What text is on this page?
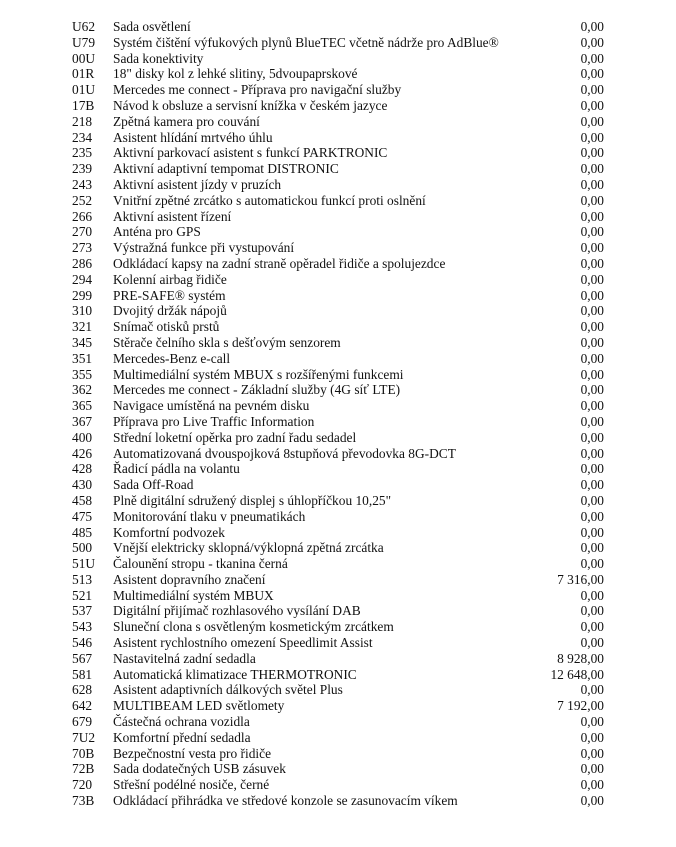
U62 Sada osvětlení	0,00
U79 Systém čištění výfukových plynů BlueTEC včetně nádrže pro AdBlue®	0,00
00U Sada konektivity	0,00
01R 18" disky kol z lehké slitiny, 5dvoupaprskové	0,00
01U Mercedes me connect - Příprava pro navigační služby	0,00
17B Návod k obsluze a servisní knížka v českém jazyce	0,00
218 Zpětná kamera pro couvání	0,00
234 Asistent hlídání mrtvého úhlu	0,00
235 Aktivní parkovací asistent s funkcí PARKTRONIC	0,00
239 Aktivní adaptivní tempomat DISTRONIC	0,00
243 Aktivní asistent jízdy v pruzích	0,00
252 Vnitřní zpětné zrcátko s automatickou funkcí proti oslnění	0,00
266 Aktivní asistent řízení	0,00
270 Anténa pro GPS	0,00
273 Výstražná funkce při vystupování	0,00
286 Odkládací kapsy na zadní straně opěradel řidiče a spolujezdce	0,00
294 Kolenní airbag řidiče	0,00
299 PRE-SAFE® systém	0,00
310 Dvojitý držák nápojů	0,00
321 Snímač otisků prstů	0,00
345 Stěrače čelního skla s dešťovým senzorem	0,00
351 Mercedes-Benz e-call	0,00
355 Multimediální systém MBUX s rozšířenými funkcemi	0,00
362 Mercedes me connect - Základní služby (4G síť LTE)	0,00
365 Navigace umístěná na pevném disku	0,00
367 Příprava pro Live Traffic Information	0,00
400 Střední loketní opěrka pro zadní řadu sedadel	0,00
426 Automatizovaná dvouspojková 8stupňová převodovka 8G-DCT	0,00
428 Řadicí pádla na volantu	0,00
430 Sada Off-Road	0,00
458 Plně digitální sdružený displej s úhlopříčkou 10,25"	0,00
475 Monitorování tlaku v pneumatikách	0,00
485 Komfortní podvozek	0,00
500 Vnější elektricky sklopná/výklopná zpětná zrcátka	0,00
51U Čalounění stropu - tkanina černá	0,00
513 Asistent dopravního značení	7 316,00
521 Multimediální systém MBUX	0,00
537 Digitální přijímač rozhlasového vysílání DAB	0,00
543 Sluneční clona s osvětleným kosmetickým zrcátkem	0,00
546 Asistent rychlostního omezení Speedlimit Assist	0,00
567 Nastavitelná zadní sedadla	8 928,00
581 Automatická klimatizace THERMOTRONIC	12 648,00
628 Asistent adaptivních dálkových světel Plus	0,00
642 MULTIBEAM LED světlomety	7 192,00
679 Částečná ochrana vozidla	0,00
7U2 Komfortní přední sedadla	0,00
70B Bezpečnostní vesta pro řidiče	0,00
72B Sada dodatečných USB zásuvek	0,00
720 Střešní podélné nosiče, černé	0,00
73B Odkládací přihrádka ve středové konzole se zasunovacím víkem	0,00
